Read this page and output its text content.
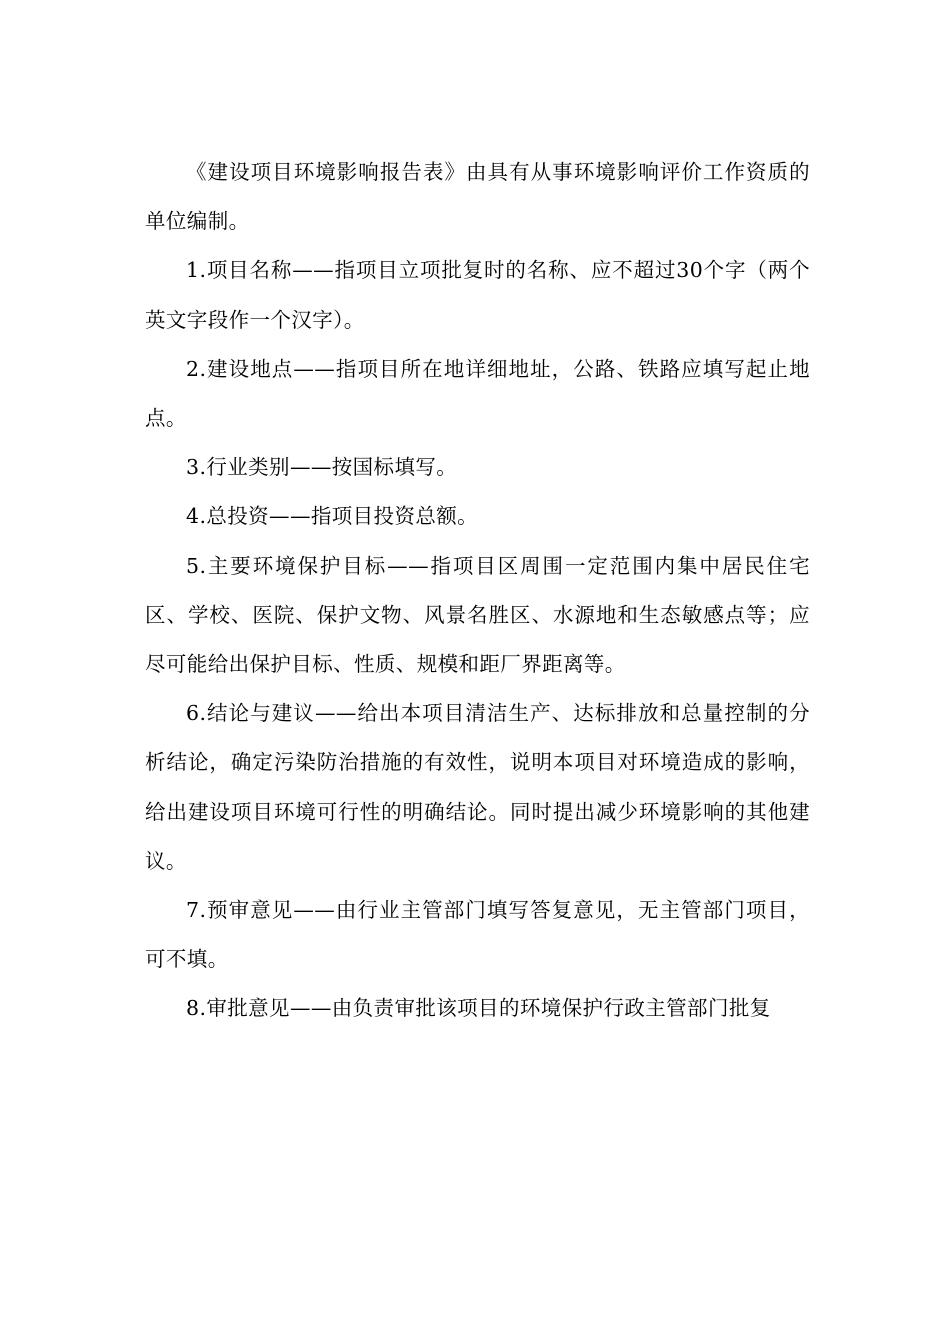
《建设项目环境影响报告表》由具有从事环境影响评价工作资质的单位编制。

1.项目名称——指项目立项批复时的名称、应不超过30个字（两个英文字段作一个汉字）。

2.建设地点——指项目所在地详细地址，公路、铁路应填写起止地点。

3.行业类别——按国标填写。

4.总投资——指项目投资总额。

5.主要环境保护目标——指项目区周围一定范围内集中居民住宅区、学校、医院、保护文物、风景名胜区、水源地和生态敏感点等；应尽可能给出保护目标、性质、规模和距厂界距离等。

6.结论与建议——给出本项目清洁生产、达标排放和总量控制的分析结论，确定污染防治措施的有效性，说明本项目对环境造成的影响，给出建设项目环境可行性的明确结论。同时提出减少环境影响的其他建议。

7.预审意见——由行业主管部门填写答复意见，无主管部门项目，可不填。

8.审批意见——由负责审批该项目的环境保护行政主管部门批复
